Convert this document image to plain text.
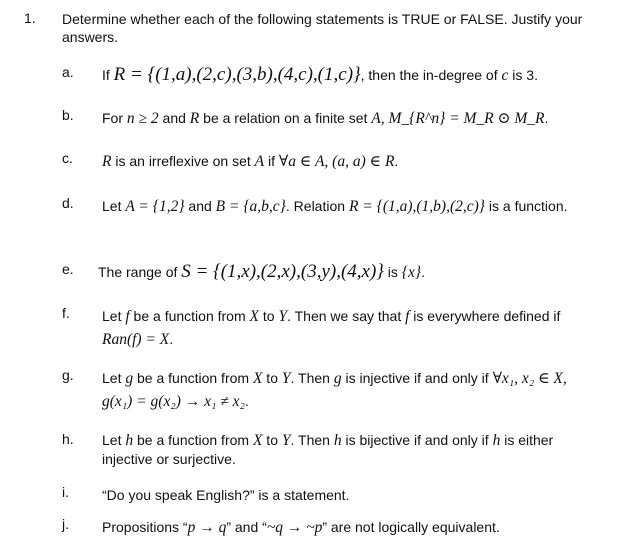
1. Determine whether each of the following statements is TRUE or FALSE. Justify your answers.
a. If R = {(1,a),(2,c),(3,b),(4,c),(1,c)}, then the in-degree of c is 3.
b. For n ≥ 2 and R be a relation on a finite set A, M_{R^n} = M_R ⊙ M_R.
c. R is an irreflexive on set A if ∀a ∈ A, (a, a) ∈ R.
d. Let A = {1,2} and B = {a,b,c}. Relation R = {(1,a),(1,b),(2,c)} is a function.
e. The range of S = {(1,x),(2,x),(3,y),(4,x)} is {x}.
f. Let f be a function from X to Y. Then we say that f is everywhere defined if Ran(f) = X.
g. Let g be a function from X to Y. Then g is injective if and only if ∀x₁, x₂ ∈ X, g(x₁) = g(x₂) → x₁ ≠ x₂.
h. Let h be a function from X to Y. Then h is bijective if and only if h is either injective or surjective.
i. “Do you speak English?” is a statement.
j. Propositions “p → q” and “~q → ~p” are not logically equivalent.
